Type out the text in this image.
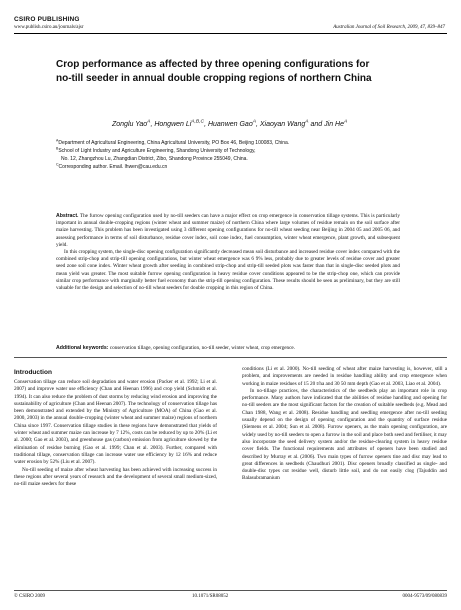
CSIRO PUBLISHING
www.publish.csiro.au/journals/ajsr	Australian Journal of Soil Research, 2009, 47, 839–847
Crop performance as affected by three opening configurations for no-till seeder in annual double cropping regions of northern China
Zonglu Yao$^A$, Hongwen $Li^{A,B,C}$, Huanwen Gao$^A$, Xiaoyan Wang$^A$ and Jin $He^A$
$^A$Department of Agricultural Engineering, China Agricultural University, PO Box 46, Beijing 100083, China.
$^B$School of Light Industry and Agriculture Engineering, Shandong University of Technology,
No. 12, Zhangzhou Lu, Zhangdian District, Zibo, Shandong Province 255049, China.
$^C$Corresponding author. Email. lhwen@cau.edu.cn

Abstract. The furrow opening configuration used by no-till seeders can have a major effect on crop emergence in conservation tillage systems. This is particularly important in annual double-cropping regions (winter wheat and summer maize) of northern China where large volumes of residue remain on the soil surface after maize harvesting. This problem has been investigated using 3 different opening configurations for no-till wheat seeding near Beijing in 2004 05 and 2005 06, and assessing performance in terms of soil disturbance, residue cover index, soil cone index, fuel consumption, winter wheat emergence, plant growth, and subsequent yield.

In this cropping system, the single-disc opening configuration significantly decreased mean soil disturbance and increased residue cover index compared with the combined strip-chop and strip-till opening configurations, but winter wheat emergence was 6 9% less, probably due to greater levels of residue cover and greater seed zone soil cone index. Winter wheat growth after seeding in combined strip-chop and strip-till seeded plots was faster than that in single-disc seeded plots and mean yield was greater. The most suitable furrow opening configuration in heavy residue cover conditions appeared to be the strip-chop one, which can provide similar crop performance with marginally better fuel economy than the strip-till opening configuration. These results should be seen as preliminary, but they are still valuable for the design and selection of no-till wheat seeders for double cropping in this region of China.

Additional keywords: conservation tillage, opening configuration, no-till seeder, winter wheat, crop emergence.
Introduction

Conservation tillage can reduce soil degradation and water erosion (Packer et al. 1992; Li et al. 2007) and improve water use efficiency (Chan and Heenan 1996) and crop yield (Schmidt et al. 1994). It can also reduce the problem of dust storms by reducing wind erosion and improving the sustainability of agriculture (Chan and Heenan 2007). The technology of conservation tillage has been demonstrated and extended by the Ministry of Agriculture (MOA) of China (Gao et al. 2000, 2003) in the annual double-cropping (winter wheat and summer maize) regions of northern China since 1997. Conservation tillage studies in these regions have demonstrated that yields of winter wheat and summer maize can increase by 7 12%, costs can be reduced by up to 20% (Li et al. 2000; Gao et al. 2003), and greenhouse gas (carbon) emission from agriculture slowed by the elimination of residue burning (Gao et al. 1999; Chan et al. 2003). Further, compared with traditional tillage, conservation tillage can increase water use efficiency by 12 16% and reduce water erosion by 52% (Liu et al. 2007).

No-till seeding of maize after wheat harvesting has been achieved with increasing success in these regions after several years of research and the development of several small medium-sized, no-till maize seeders for these

conditions (Li et al. 2000). No-till seeding of wheat after maize harvesting is, however, still a problem, and improvements are needed in residue handling ability and crop emergence when working in maize residues of 15 20 t/ha and 30 50 mm depth (Gao et al. 2003, Liao et al. 2004).

In no-tillage practices, the characteristics of the seedbeds play an important role in crop performance. Many authors have indicated that the abilities of residue handling and opening for no-till seeders are the most significant factors for the creation of suitable seedbeds (e.g. Mead and Chan 1988, Wang et al. 2008). Residue handling and seedling emergence after no-till seeding usually depend on the design of opening configuration and the quantity of surface residue (Siemens et al. 2004; Sun et al. 2008). Furrow openers, as the main opening configuration, are widely used by no-till seeders to open a furrow in the soil and place both seed and fertiliser, it may also incorporate the seed delivery system and/or the residue-clearing system in heavy residue cover fields. The functional requirements and attributes of openers have been studied and described by Murray et al. (2006). Two main types of furrow openers tine and disc may lead to great differences in seedbeds (Chaudhuri 2001). Disc openers broadly classified as single- and double-disc types cut residue well, disturb little soil, and do not easily clog (Tajuddin and Balasubramanium

© CSIRO 2009	10.1071/SR08052	0004-9573/09/080839
